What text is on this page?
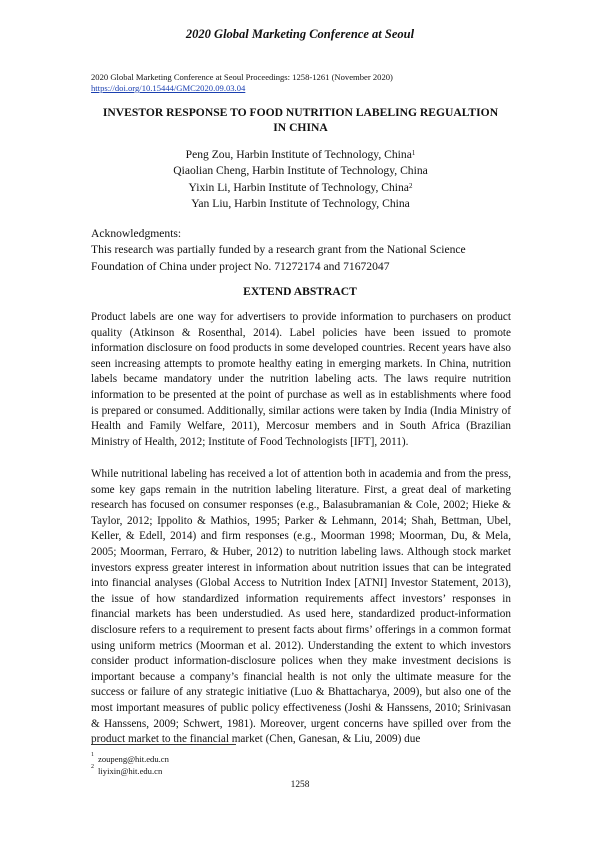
2020 Global Marketing Conference at Seoul
2020 Global Marketing Conference at Seoul Proceedings: 1258-1261 (November 2020)
https://doi.org/10.15444/GMC2020.09.03.04
INVESTOR RESPONSE TO FOOD NUTRITION LABELING REGUALTION
IN CHINA
Peng Zou, Harbin Institute of Technology, China$^1$
Qiaolian Cheng, Harbin Institute of Technology, China
Yixin Li, Harbin Institute of Technology, China$^2$
Yan Liu, Harbin Institute of Technology, China
Acknowledgments:
This research was partially funded by a research grant from the National Science Foundation of China under project No. 71272174 and 71672047
EXTEND ABSTRACT
Product labels are one way for advertisers to provide information to purchasers on product quality (Atkinson & Rosenthal, 2014). Label policies have been issued to promote information disclosure on food products in some developed countries. Recent years have also seen increasing attempts to promote healthy eating in emerging markets. In China, nutrition labels became mandatory under the nutrition labeling acts. The laws require nutrition information to be presented at the point of purchase as well as in establishments where food is prepared or consumed. Additionally, similar actions were taken by India (India Ministry of Health and Family Welfare, 2011), Mercosur members and in South Africa (Brazilian Ministry of Health, 2012; Institute of Food Technologists [IFT], 2011).
While nutritional labeling has received a lot of attention both in academia and from the press, some key gaps remain in the nutrition labeling literature. First, a great deal of marketing research has focused on consumer responses (e.g., Balasubramanian & Cole, 2002; Hieke & Taylor, 2012; Ippolito & Mathios, 1995; Parker & Lehmann, 2014; Shah, Bettman, Ubel, Keller, & Edell, 2014) and firm responses (e.g., Moorman 1998; Moorman, Du, & Mela, 2005; Moorman, Ferraro, & Huber, 2012) to nutrition labeling laws. Although stock market investors express greater interest in information about nutrition issues that can be integrated into financial analyses (Global Access to Nutrition Index [ATNI] Investor Statement, 2013), the issue of how standardized information requirements affect investors’ responses in financial markets has been understudied. As used here, standardized product-information disclosure refers to a requirement to present facts about firms’ offerings in a common format using uniform metrics (Moorman et al. 2012). Understanding the extent to which investors consider product information-disclosure polices when they make investment decisions is important because a company’s financial health is not only the ultimate measure for the success or failure of any strategic initiative (Luo & Bhattacharya, 2009), but also one of the most important measures of public policy effectiveness (Joshi & Hanssens, 2010; Srinivasan & Hanssens, 2009; Schwert, 1981). Moreover, urgent concerns have spilled over from the product market to the financial market (Chen, Ganesan, & Liu, 2009) due
$^1$ zoupeng@hit.edu.cn
$^2$ liyixin@hit.edu.cn
1258
